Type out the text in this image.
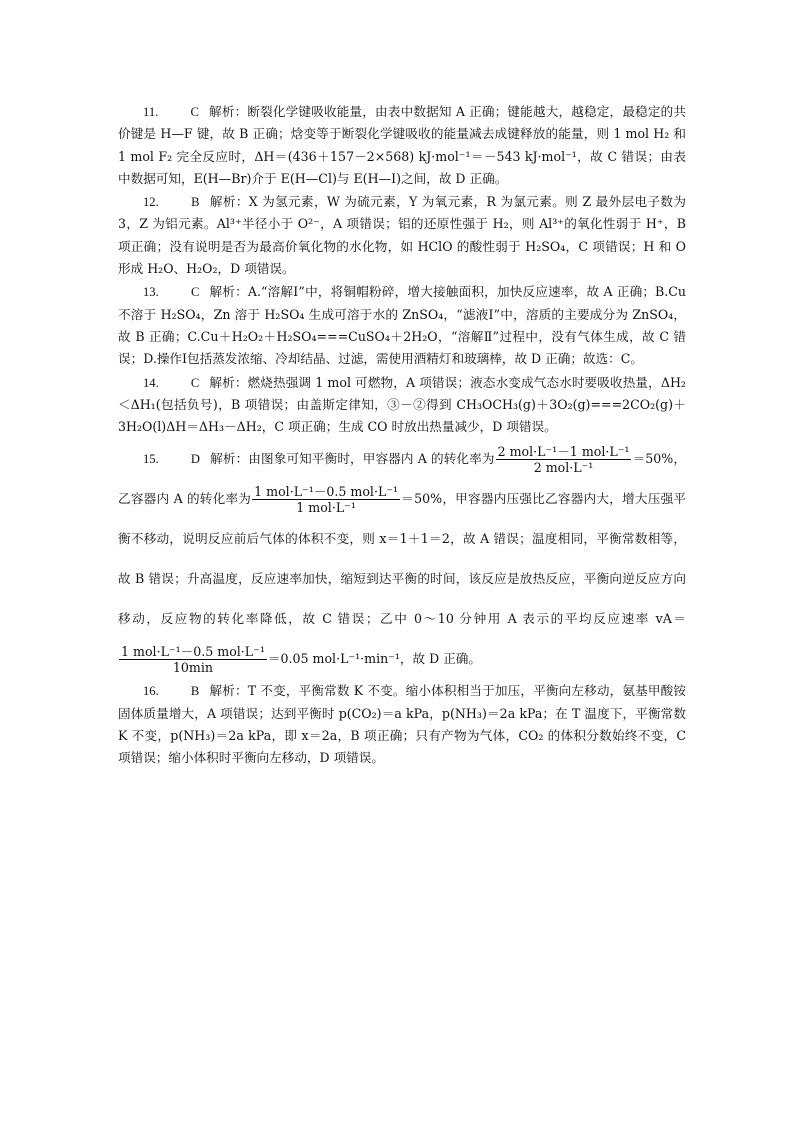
11.	C 解析：断裂化学键吸收能量，由表中数据知 A 正确；键能越大，越稳定，最稳定的共价键是 H—F 键，故 B 正确；焓变等于断裂化学键吸收的能量减去成键释放的能量，则 1 mol H₂ 和 1 mol F₂ 完全反应时，ΔH＝(436＋157－2×568) kJ·mol⁻¹＝－543 kJ·mol⁻¹，故 C 错误；由表中数据可知，E(H—Br)介于 E(H—Cl)与 E(H—I)之间，故 D 正确。

12.	B 解析：X 为氢元素，W 为硫元素，Y 为氧元素，R 为氯元素。则 Z 最外层电子数为 3，Z 为铝元素。Al³⁺半径小于 O²⁻，A 项错误；铝的还原性强于 H₂，则 Al³⁺的氧化性弱于 H⁺，B 项正确；没有说明是否为最高价氧化物的水化物，如 HClO 的酸性弱于 H₂SO₄，C 项错误；H 和 O 形成 H₂O、H₂O₂，D 项错误。

13.	C 解析：A.“溶解Ⅰ”中，将铜帽粉碎，增大接触面积，加快反应速率，故 A 正确；B.Cu 不溶于 H₂SO₄，Zn 溶于 H₂SO₄ 生成可溶于水的 ZnSO₄，“滤液Ⅰ”中，溶质的主要成分为 ZnSO₄，故 B 正确；C.Cu＋H₂O₂＋H₂SO₄===CuSO₄＋2H₂O，“溶解Ⅱ”过程中，没有气体生成，故 C 错误；D.操作Ⅰ包括蒸发浓缩、冷却结晶、过滤，需使用酒精灯和玻璃棒，故 D 正确；故选：C。

14.	C 解析：燃烧热强调 1 mol 可燃物，A 项错误；液态水变成气态水时要吸收热量，ΔH₂＜ΔH₁(包括负号)，B 项错误；由盖斯定律知，③－②得到 CH₃OCH₃(g)＋3O₂(g)===2CO₂(g)＋3H₂O(l)ΔH＝ΔH₃－ΔH₂，C 项正确；生成 CO 时放出热量减少，D 项错误。

15.	D 解析：由图象可知平衡时，甲容器内 A 的转化率为 $\frac{\text{2 mol·L⁻¹－1 mol·L⁻¹}}{\text{2 mol·L⁻¹}} =50\%$，乙容器内 A 的转化率为 $\frac{\text{1 mol·L⁻¹－0.5 mol·L⁻¹}}{\text{1 mol·L⁻¹}} =50\%$，甲容器内压强比乙容器内大，增大压强平衡不移动，说明反应前后气体的体积不变，则 x＝1＋1＝2，故 A 错误；温度相同，平衡常数相等，故 B 错误；升高温度，反应速率加快，缩短到达平衡的时间，该反应是放热反应，平衡向逆反应方向移动，反应物的转化率降低，故 C 错误；乙中 0～10 分钟用 A 表示的平均反应速率 vA＝
$\frac{\text{1 mol·L⁻¹－0.5 mol·L⁻¹}}{10\min} =0.05$ mol·L⁻¹·min⁻¹，故 D 正确。

16.	B 解析：T 不变，平衡常数 K 不变。缩小体积相当于加压，平衡向左移动，氨基甲酸铵固体质量增大，A 项错误；达到平衡时 p(CO₂)＝a kPa，p(NH₃)＝2a kPa；在 T 温度下，平衡常数 K 不变，p(NH₃)＝2a kPa，即 x＝2a，B 项正确；只有产物为气体，CO₂ 的体积分数始终不变，C 项错误；缩小体积时平衡向左移动，D 项错误。
